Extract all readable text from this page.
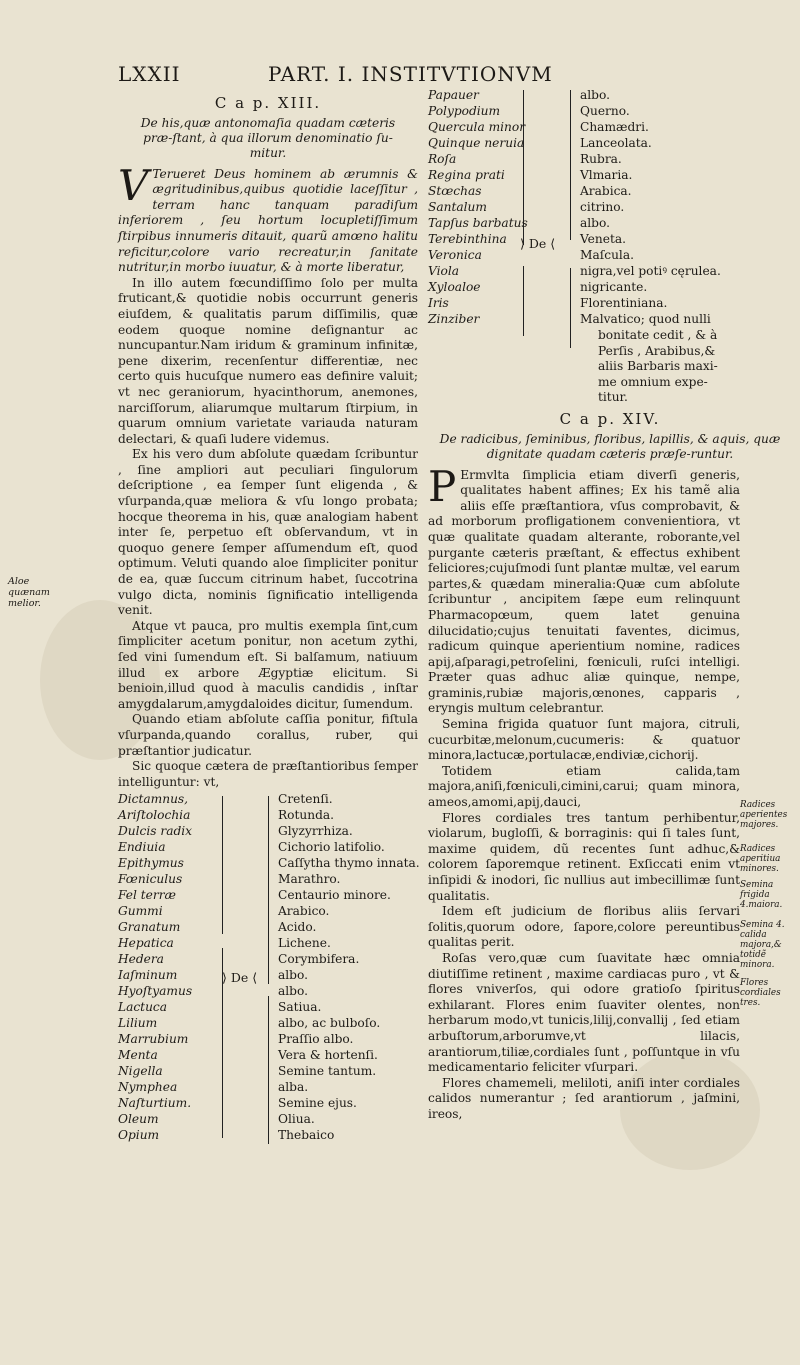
LXXII	PART. I. INSTITVTIONVM
C a p. XIII.
De his,quæ antonomaſia quadam cæteris præ-ſtant, à qua illorum denominatio ſu-mitur.

V Terueret Deus hominem ab ærumnis & ægritudinibus,quibus quotidie laceſſitur , terram hanc tanquam paradiſum inferiorem , ſeu hortum locupletiſſimum ſtirpibus innumeris ditauit, quarũ amœno halitu reficitur,colore vario recreatur,in ſanitate nutritur,in morbo iuuatur, & à morte liberatur,

In illo autem fœcundiſſimo ſolo per multa fruticant,& quotidie nobis occurrunt generis eiuſdem, & qualitatis parum diſſimilis, quæ eodem quoque nomine deſignantur ac nuncupantur.Nam iridum & graminum infinitæ, pene dixerim, recenſentur differentiæ, nec certo quis hucuſque numero eas definire valuit; vt nec geraniorum, hyacinthorum, anemones, narciſſorum, aliarumque multarum ſtirpium, in quarum omnium varietate variauda naturam delectari, & quaſi ludere videmus.

Ex his vero dum abſolute quædam ſcribuntur , ſine ampliori aut peculiari ſingulorum deſcriptione , ea ſemper ſunt eligenda , & vſurpanda,quæ meliora & vſu longo probata; hocque theorema in his, quæ analogiam habent inter ſe, perpetuo eſt obſervandum, vt in quoquo genere ſemper aſſumendum eſt, quod optimum. Veluti quando aloe ſimpliciter ponitur de ea, quæ ſuccum citrinum habet, ſuccotrina vulgo dicta, nominis ſignificatio intelligenda venit.

Atque vt pauca, pro multis exempla ſint,cum ſimpliciter acetum ponitur, non acetum zythi, ſed vini ſumendum eſt. Si balſamum, natiuum illud ex arbore Ægyptiæ elicitum. Si benioin,illud quod à maculis candidis , inſtar amygdalarum,amygdaloides dicitur, ſumendum.

Quando etiam abſolute caſſia ponitur, fiſtula vſurpanda,quando corallus, ruber, qui præſtantior judicatur.

Sic quoque cætera de præſtantioribus ſemper intelliguntur: vt,

⟩ De ⟨
Dictamnus,	Cretenſi.
Ariſtolochia	Rotunda.
Dulcis radix	Glyzyrrhiza.
Endiuia	Cichorio latifolio.
Epithymus	Caſſytha thymo innata.
Fœniculus	Marathro.
Fel terræ	Centaurio minore.
Gummi	Arabico.
Granatum	Acido.
Hepatica	Lichene.
Hedera	Corymbifera.
Iaſminum	albo.
Hyoſtyamus	albo.
Lactuca	Satiua.
Lilium	albo, ac bulboſo.
Marrubium	Praſſio albo.
Menta	Vera & hortenſi.
Nigella	Semine tantum.
Nymphea	alba.
Naſturtium.	Semine ejus.
Oleum	Oliua.
Opium	Thebaico
Aloe quænam melior.
⟩ De ⟨
Papauer	albo.
Polypodium	Querno.
Quercula minor	Chamædri.
Quinque neruia	Lanceolata.
Roſa	Rubra.
Regina prati	Vlmaria.
Stœchas	Arabica.
Santalum	citrino.
Tapſus barbatus	albo.
Terebinthina	Veneta.
Veronica	Maſcula.
Viola	nigra,vel potiꝰ cęrulea.
Xyloaloe	nigricante.
Iris	Florentiniana.
Zinziber	Malvatico; quod nulli
bonitate cedit , & à
Perſis , Arabibus,&
aliis Barbaris maxi-
me omnium expe-
titur.
C a p. XIV.
De radicibus, ſeminibus, floribus, lapillis, & aquis, quæ dignitate quadam cæteris præſe-runtur.

P Ermvlta ſimplicia etiam diverſi generis, qualitates habent affines; Ex his tamẽ alia aliis eſſe præſtantiora, vſus comprobavit, & ad morborum profligationem convenientiora, vt quæ qualitate quadam alterante, roborante,vel purgante cæteris præſtant, & effectus exhibent feliciores;cujuſmodi ſunt plantæ multæ, vel earum partes,& quædam mineralia:Quæ cum abſolute ſcribuntur , ancipitem ſæpe eum relinquunt Pharmacopœum, quem latet genuina dilucidatio;cujus tenuitati faventes, dicimus, radicum quinque aperientium nomine, radices apij,aſparagi,petroſelini, fœniculi, ruſci intelligi. Præter quas adhuc aliæ quinque, nempe, graminis,rubiæ majoris,œnones, capparis , eryngis multum celebrantur.

Semina frigida quatuor ſunt majora, citruli, cucurbitæ,melonum,cucumeris: & quatuor minora,lactucæ,portulacæ,endiviæ,cichorij.

Totidem etiam calida,tam majora,aniſi,fœniculi,cimini,carui; quam minora, ameos,amomi,apij,dauci,

Flores cordiales tres tantum perhibentur, violarum, bugloſſi, & borraginis: qui ſi tales ſunt, maxime quidem, dũ recentes ſunt adhuc,& colorem ſaporemque retinent. Exſiccati enim vt inſipidi & inodori, ſic nullius aut imbecillimæ ſunt qualitatis.

Idem eſt judicium de floribus aliis ſervari ſolitis,quorum odore, ſapore,colore pereuntibus qualitas perit.

Roſas vero,quæ cum ſuavitate hæc omnia diutiſſime retinent , maxime cardiacas puro , vt & flores vniverſos, qui odore gratioſo ſpiritus exhilarant. Flores enim ſuaviter olentes, non herbarum modo,vt tunicis,lilij,convallij , ſed etiam arbuſtorum,arborumve,vt lilacis, arantiorum,tiliæ,cordiales ſunt , poſſuntque in vſu medicamentario feliciter vſurpari.

Flores chamemeli, meliloti, aniſi inter cordiales calidos numerantur ; ſed arantiorum , jaſmini, ireos,

Radices aperientes majores.
Radices aperitiua minores.
Semina frigida 4.maiora.
Semina 4. calida majora,& totidẽ minora.
Flores cordiales tres.
